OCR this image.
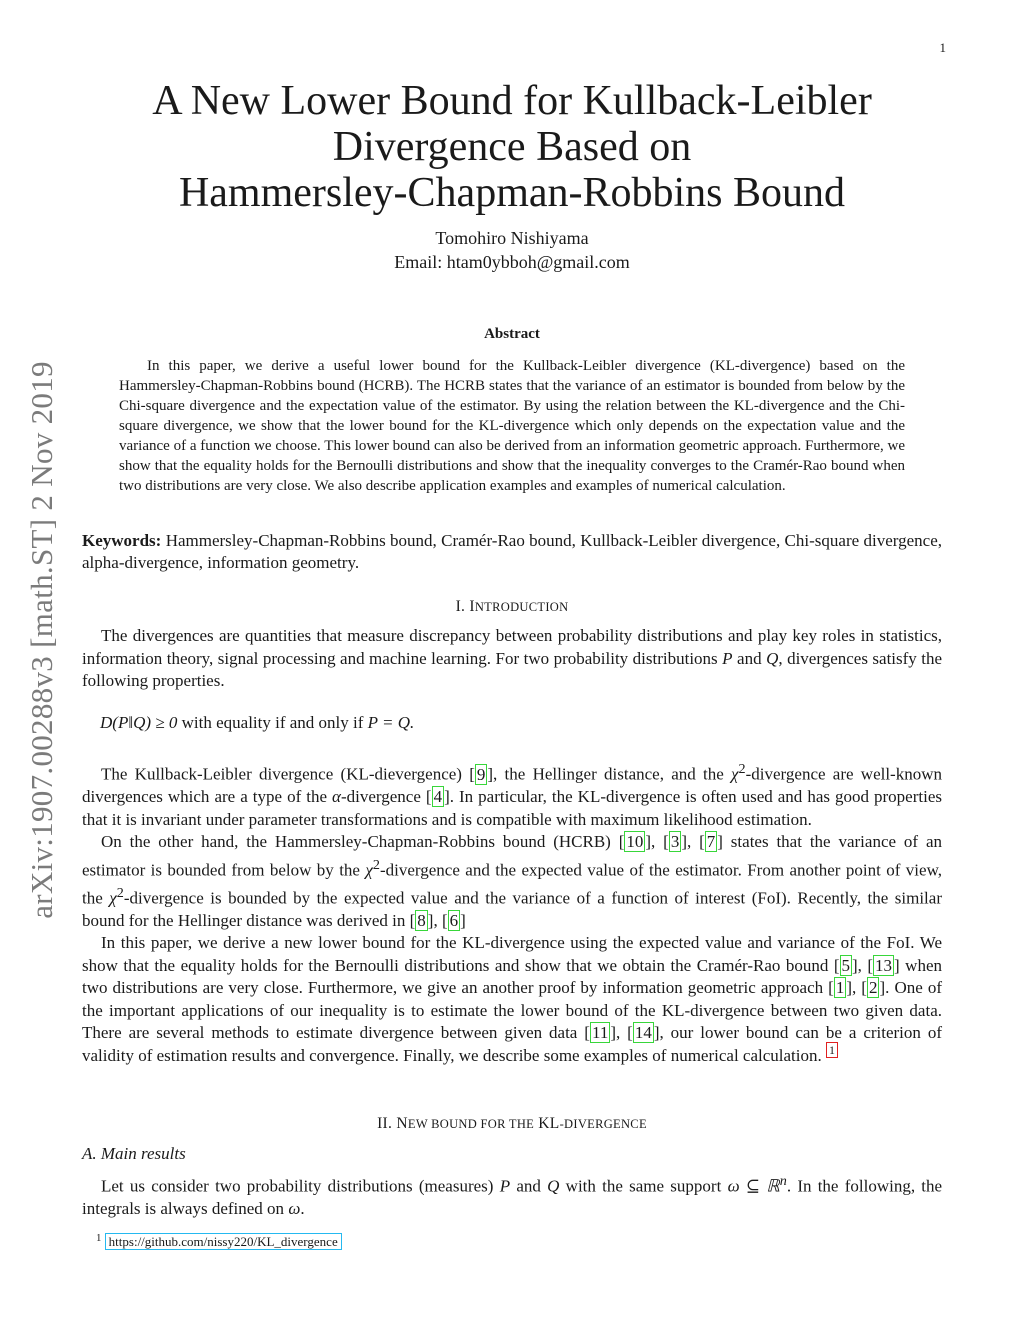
1
arXiv:1907.00288v3 [math.ST] 2 Nov 2019
A New Lower Bound for Kullback-Leibler
Divergence Based on
Hammersley-Chapman-Robbins Bound
Tomohiro Nishiyama
Email: htam0ybboh@gmail.com
Abstract
In this paper, we derive a useful lower bound for the Kullback-Leibler divergence (KL-divergence) based on the Hammersley-Chapman-Robbins bound (HCRB). The HCRB states that the variance of an estimator is bounded from below by the Chi-square divergence and the expectation value of the estimator. By using the relation between the KL-divergence and the Chi-square divergence, we show that the lower bound for the KL-divergence which only depends on the expectation value and the variance of a function we choose. This lower bound can also be derived from an information geometric approach. Furthermore, we show that the equality holds for the Bernoulli distributions and show that the inequality converges to the Cramér-Rao bound when two distributions are very close. We also describe application examples and examples of numerical calculation.
Keywords: Hammersley-Chapman-Robbins bound, Cramér-Rao bound, Kullback-Leibler divergence, Chi-square divergence, alpha-divergence, information geometry.
I. INTRODUCTION

The divergences are quantities that measure discrepancy between probability distributions and play key roles in statistics, information theory, signal processing and machine learning. For two probability distributions P and Q, divergences satisfy the following properties.

D(P‖Q) ≥ 0 with equality if and only if P = Q.

The Kullback-Leibler divergence (KL-dievergence) [ 9 ], the Hellinger distance, and the $\chi^2$-divergence are well-known divergences which are a type of the α-divergence [ 4 ]. In particular, the KL-divergence is often used and has good properties that it is invariant under parameter transformations and is compatible with maximum likelihood estimation.

On the other hand, the Hammersley-Chapman-Robbins bound (HCRB) [ 10 ], [ 3 ], [ 7 ] states that the variance of an estimator is bounded from below by the $\chi^2$-divergence and the expected value of the estimator. From another point of view, the $\chi^2$-divergence is bounded by the expected value and the variance of a function of interest (FoI). Recently, the similar bound for the Hellinger distance was derived in [ 8 ], [ 6 ]

In this paper, we derive a new lower bound for the KL-divergence using the expected value and variance of the FoI. We show that the equality holds for the Bernoulli distributions and show that we obtain the Cramér-Rao bound [ 5 ], [ 13 ] when two distributions are very close. Furthermore, we give an another proof by information geometric approach [ 1 ], [ 2 ]. One of the important applications of our inequality is to estimate the lower bound of the KL-divergence between two given data. There are several methods to estimate divergence between given data [ 11 ], [ 14 ], our lower bound can be a criterion of validity of estimation results and convergence. Finally, we describe some examples of numerical calculation. $^1$

II. NEW BOUND FOR THE KL-DIVERGENCE
A. Main results

Let us consider two probability distributions (measures) P and Q with the same support ω ⊆ ℝ$^n$. In the following, the integrals is always defined on ω.

$^1$ https://github.com/nissy220/KL_divergence
